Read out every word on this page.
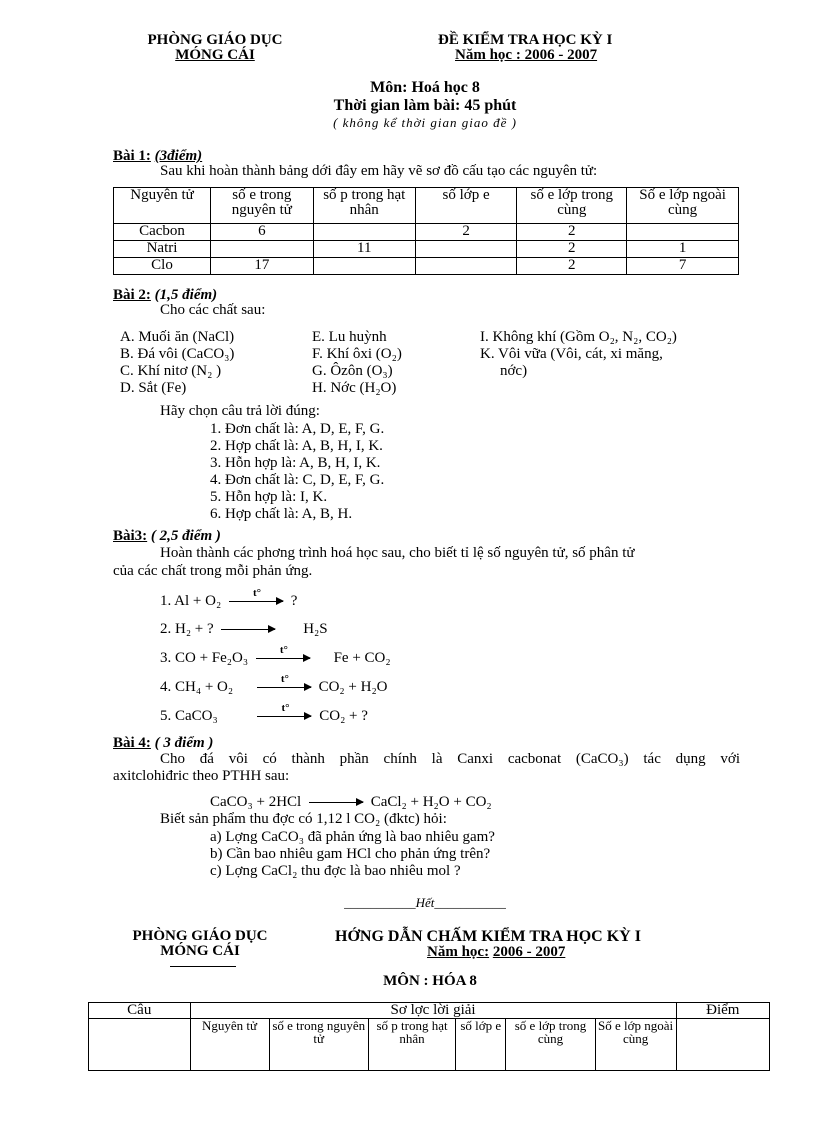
PHÒNG GIÁO DỤC
MÓNG CÁI
ĐỀ KIỂM TRA HỌC KỲ I
Năm học : 2006 - 2007
Môn: Hoá học 8
Thời gian làm bài: 45 phút
( không kể thời gian giao đề )
Bài 1: (3điểm)
Sau khi hoàn thành bảng dới đây em hãy vẽ sơ đồ cấu tạo các nguyên tử:
Nguyên tử	số e trong nguyên tử	số p trong hạt nhân	số lớp e	số e lớp trong cùng	Số e lớp ngoài cùng
Cacbon	6		2	2	
Natri		11		2	1
Clo	17			2	7
Bài 2: (1,5 điểm)
Cho các chất sau:
A. Muối ăn (NaCl)
B. Đá vôi (CaCO₃)
C. Khí nitơ (N₂ )
D. Sắt (Fe)
E. Lu huỳnh
F. Khí ôxi (O₂)
G. Ôzôn (O₃)
H. Nớc (H₂O)
I. Không khí (Gồm O₂, N₂, CO₂)
K. Vôi vữa (Vôi, cát, xi măng,
nớc)
Hãy chọn câu trả lời đúng:
1. Đơn chất là: A, D, E, F, G.
2. Hợp chất là: A, B, H, I, K.
3. Hỗn hợp là: A, B, H, I, K.
4. Đơn chất là: C, D, E, F, G.
5. Hỗn hợp là: I, K.
6. Hợp chất là: A, B, H.
Bài3: ( 2,5 điểm )
Hoàn thành các phơng trình hoá học sau, cho biết tỉ lệ số nguyên tử, số phân tử
của các chất trong mỗi phản ứng.
1. Al + O₂	t° ?
2. H₂ + ? → H₂S
3. CO + Fe₂O₃	t°	Fe + CO₂
4. CH₄ + O₂	t° CO₂ + H₂O
5. CaCO₃	t° CO₂ + ?
Bài 4: ( 3 điểm )
Cho đá vôi có thành phần chính là Canxi cacbonat (CaCO₃) tác dụng với
axitclohiđric theo PTHH sau:
CaCO₃ + 2HCl → CaCl₂ + H₂O + CO₂
Biết sản phẩm thu đợc có 1,12 l CO₂ (đktc) hỏi:
a) Lợng CaCO₃ đã phản ứng là bao nhiêu gam?
b) Cần bao nhiêu gam HCl cho phản ứng trên?
c) Lợng CaCl₂ thu đợc là bao nhiêu mol ?
___________Hết___________
PHÒNG GIÁO DỤC
MÓNG CÁI
HỚNG DẪN CHẤM KIỂM TRA HỌC KỲ I
Năm học: 2006 - 2007
MÔN : HÓA 8
Câu	Sơ lợc lời giải						Điểm
	Nguyên tử	số e trong nguyên tử	số p trong hạt nhân	số lớp e	số e lớp trong cùng	Số e lớp ngoài cùng	
